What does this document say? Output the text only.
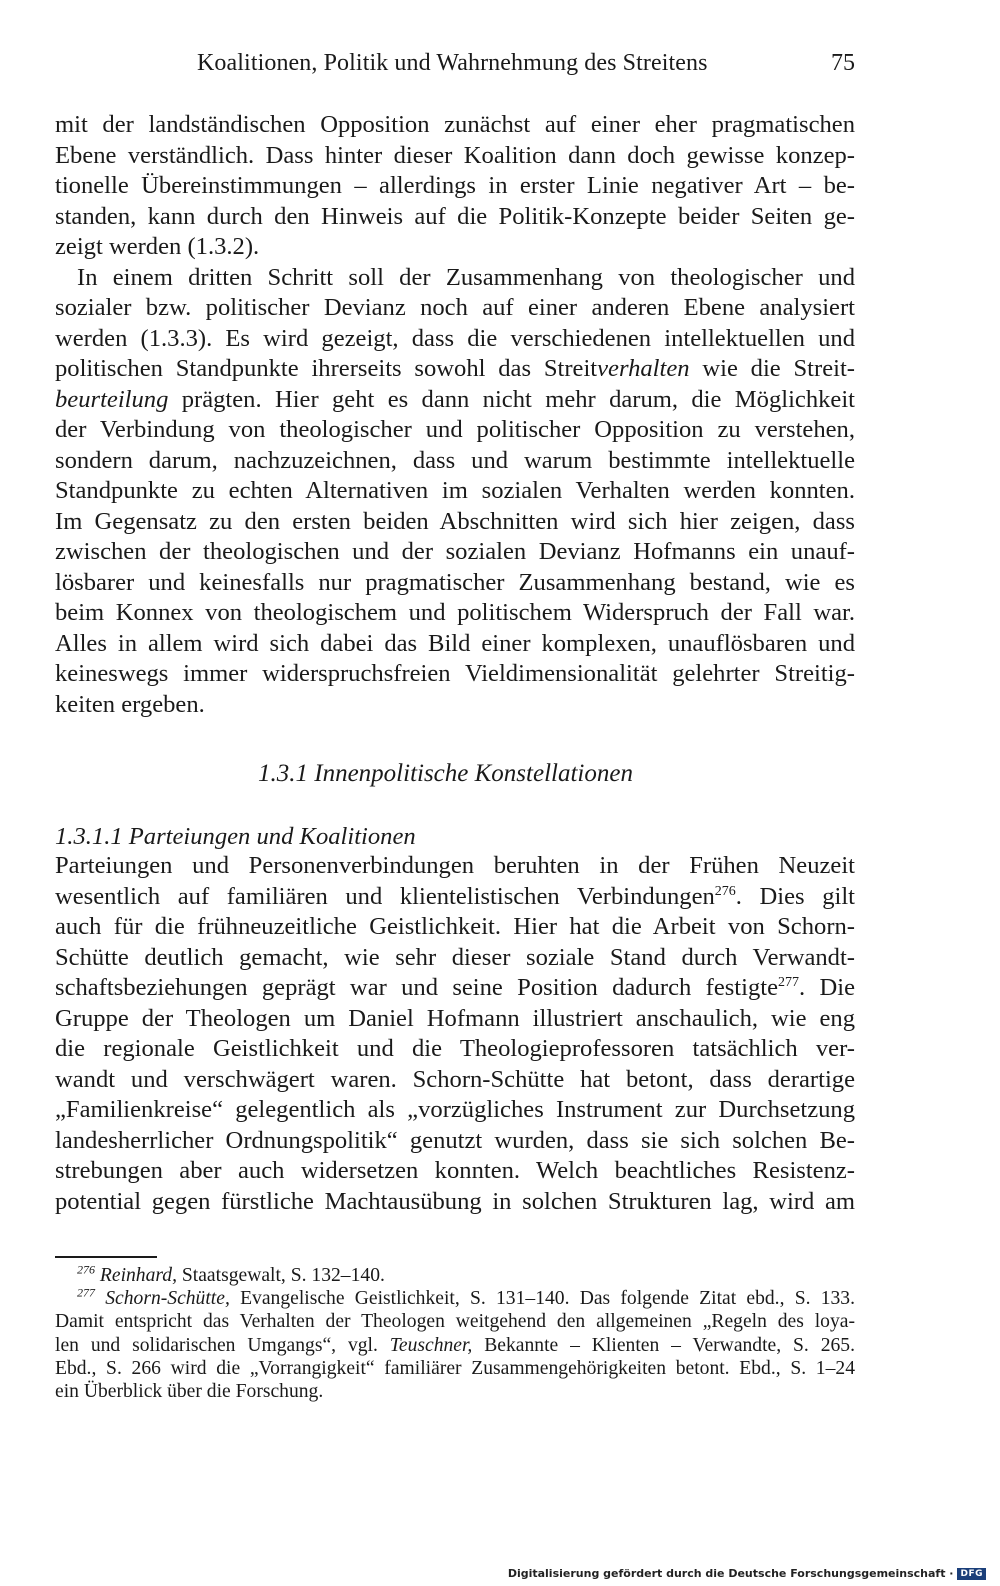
Koalitionen, Politik und Wahrnehmung des Streitens	75
mit der landständischen Opposition zunächst auf einer eher pragmatischen
Ebene verständlich. Dass hinter dieser Koalition dann doch gewisse konzep-
tionelle Übereinstimmungen – allerdings in erster Linie negativer Art – be-
standen, kann durch den Hinweis auf die Politik-Konzepte beider Seiten ge-
zeigt werden (1.3.2).
In einem dritten Schritt soll der Zusammenhang von theologischer und
sozialer bzw. politischer Devianz noch auf einer anderen Ebene analysiert
werden (1.3.3). Es wird gezeigt, dass die verschiedenen intellektuellen und
politischen Standpunkte ihrerseits sowohl das Streitverhalten wie die Streit-
beurteilung prägten. Hier geht es dann nicht mehr darum, die Möglichkeit
der Verbindung von theologischer und politischer Opposition zu verstehen,
sondern darum, nachzuzeichnen, dass und warum bestimmte intellektuelle
Standpunkte zu echten Alternativen im sozialen Verhalten werden konnten.
Im Gegensatz zu den ersten beiden Abschnitten wird sich hier zeigen, dass
zwischen der theologischen und der sozialen Devianz Hofmanns ein unauf-
lösbarer und keinesfalls nur pragmatischer Zusammenhang bestand, wie es
beim Konnex von theologischem und politischem Widerspruch der Fall war.
Alles in allem wird sich dabei das Bild einer komplexen, unauflösbaren und
keineswegs immer widerspruchsfreien Vieldimensionalität gelehrter Streitig-
keiten ergeben.
1.3.1 Innenpolitische Konstellationen
1.3.1.1 Parteiungen und Koalitionen
Parteiungen und Personenverbindungen beruhten in der Frühen Neuzeit
wesentlich auf familiären und klientelistischen Verbindungen$^{276}$. Dies gilt
auch für die frühneuzeitliche Geistlichkeit. Hier hat die Arbeit von Schorn-
Schütte deutlich gemacht, wie sehr dieser soziale Stand durch Verwandt-
schaftsbeziehungen geprägt war und seine Position dadurch festigte$^{277}$. Die
Gruppe der Theologen um Daniel Hofmann illustriert anschaulich, wie eng
die regionale Geistlichkeit und die Theologieprofessoren tatsächlich ver-
wandt und verschwägert waren. Schorn-Schütte hat betont, dass derartige
„Familienkreise“ gelegentlich als „vorzügliches Instrument zur Durchsetzung
landesherrlicher Ordnungspolitik“ genutzt wurden, dass sie sich solchen Be-
strebungen aber auch widersetzen konnten. Welch beachtliches Resistenz-
potential gegen fürstliche Machtausübung in solchen Strukturen lag, wird am
$^{276}$ Reinhard, Staatsgewalt, S. 132–140.
$^{277}$ Schorn-Schütte, Evangelische Geistlichkeit, S. 131–140. Das folgende Zitat ebd., S. 133.
Damit entspricht das Verhalten der Theologen weitgehend den allgemeinen „Regeln des loya-
len und solidarischen Umgangs“, vgl. Teuschner, Bekannte – Klienten – Verwandte, S. 265.
Ebd., S. 266 wird die „Vorrangigkeit“ familiärer Zusammengehörigkeiten betont. Ebd., S. 1–24
ein Überblick über die Forschung.
Digitalisierung gefördert durch die Deutsche Forschungsgemeinschaft · DFG
